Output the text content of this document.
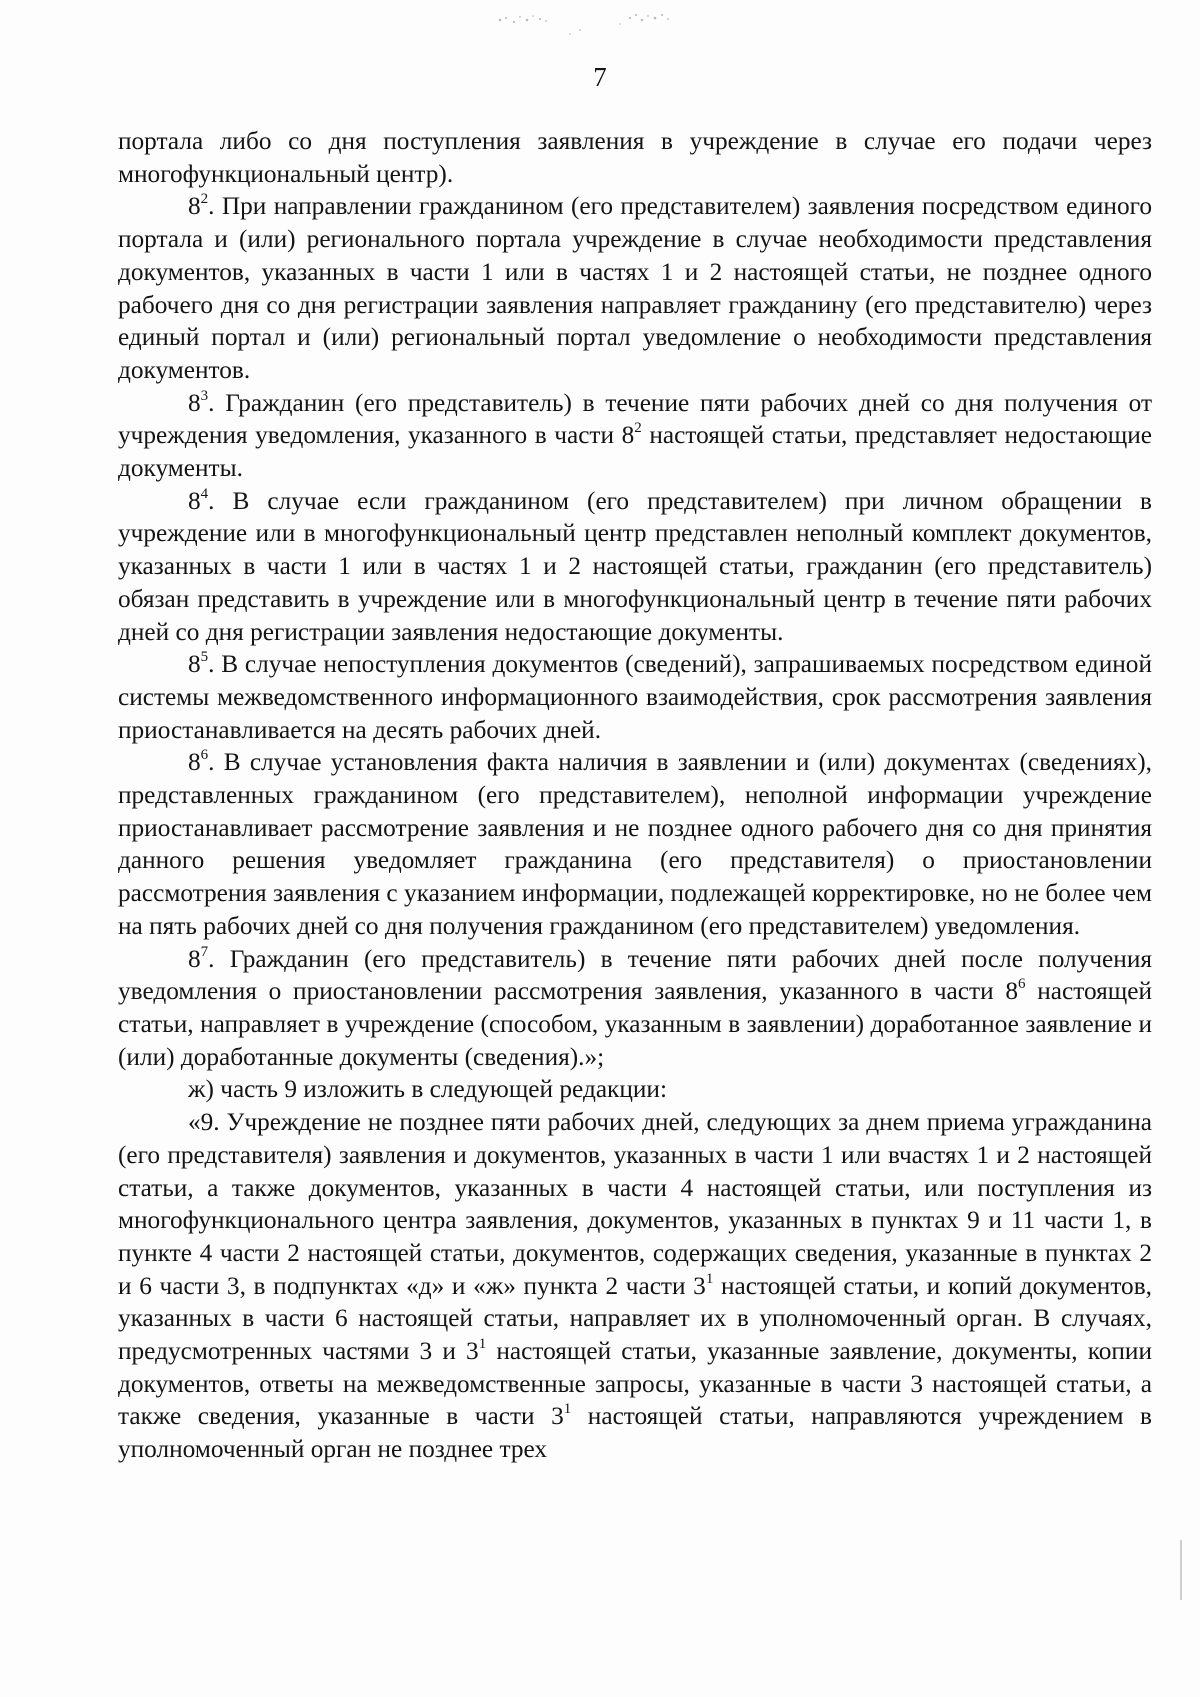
7

портала либо со дня поступления заявления в учреждение в случае его подачи через многофункциональный центр).

$8^2$. При направлении гражданином (его представителем) заявления посредством единого портала и (или) регионального портала учреждение в случае необходимости представления документов, указанных в части 1 или в частях 1 и 2 настоящей статьи, не позднее одного рабочего дня со дня регистрации заявления направляет гражданину (его представителю) через единый портал и (или) региональный портал уведомление о необходимости представления документов.

$8^3$. Гражданин (его представитель) в течение пяти рабочих дней со дня получения от учреждения уведомления, указанного в части $8^2$ настоящей статьи, представляет недостающие документы.

$8^4$. В случае если гражданином (его представителем) при личном обращении в учреждение или в многофункциональный центр представлен неполный комплект документов, указанных в части 1 или в частях 1 и 2 настоящей статьи, гражданин (его представитель) обязан представить в учреждение или в многофункциональный центр в течение пяти рабочих дней со дня регистрации заявления недостающие документы.

$8^5$. В случае непоступления документов (сведений), запрашиваемых посредством единой системы межведомственного информационного взаимодействия, срок рассмотрения заявления приостанавливается на десять рабочих дней.

$8^6$. В случае установления факта наличия в заявлении и (или) документах (сведениях), представленных гражданином (его представителем), неполной информации учреждение приостанавливает рассмотрение заявления и не позднее одного рабочего дня со дня принятия данного решения уведомляет гражданина (его представителя) о приостановлении рассмотрения заявления с указанием информации, подлежащей корректировке, но не более чем на пять рабочих дней со дня получения гражданином (его представителем) уведомления.

$8^7$. Гражданин (его представитель) в течение пяти рабочих дней после получения уведомления о приостановлении рассмотрения заявления, указанного в части $8^6$ настоящей статьи, направляет в учреждение (способом, указанным в заявлении) доработанное заявление и (или) доработанные документы (сведения).»;

ж) часть 9 изложить в следующей редакции:

«9. Учреждение не позднее пяти рабочих дней, следующих за днем приема угражданина (его представителя) заявления и документов, указанных в части 1 или вчастях 1 и 2 настоящей статьи, а также документов, указанных в части 4 настоящей статьи, или поступления из многофункционального центра заявления, документов, указанных в пунктах 9 и 11 части 1, в пункте 4 части 2 настоящей статьи, документов, содержащих сведения, указанные в пунктах 2 и 6 части 3, в подпунктах «д» и «ж» пункта 2 части $3^1$ настоящей статьи, и копий документов, указанных в части 6 настоящей статьи, направляет их в уполномоченный орган. В случаях, предусмотренных частями 3 и $3^1$ настоящей статьи, указанные заявление, документы, копии документов, ответы на межведомственные запросы, указанные в части 3 настоящей статьи, а также сведения, указанные в части $3^1$ настоящей статьи, направляются учреждением в уполномоченный орган не позднее трех
